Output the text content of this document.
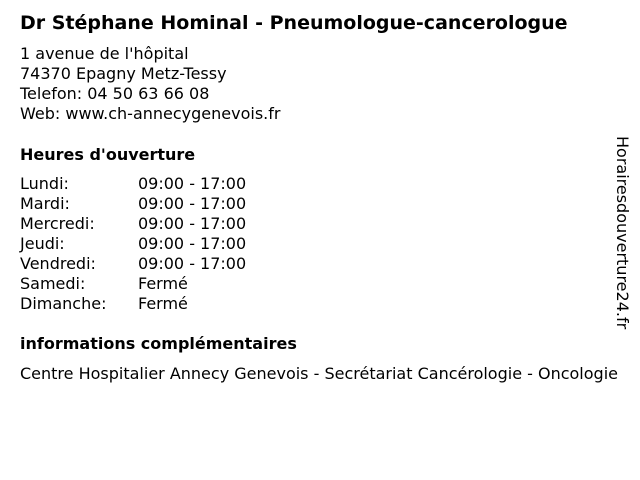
Dr Stéphane Hominal - Pneumologue-cancerologue
1 avenue de l'hôpital
74370 Epagny Metz-Tessy
Telefon: 04 50 63 66 08
Web: www.ch-annecygenevois.fr
Heures d'ouverture
Lundi:	09:00 - 17:00
Mardi:	09:00 - 17:00
Mercredi:	09:00 - 17:00
Jeudi:	09:00 - 17:00
Vendredi:	09:00 - 17:00
Samedi:	Fermé
Dimanche:	Fermé
informations complémentaires
Centre Hospitalier Annecy Genevois - Secrétariat Cancérologie - Oncologie
Horairesdouverture24.fr
